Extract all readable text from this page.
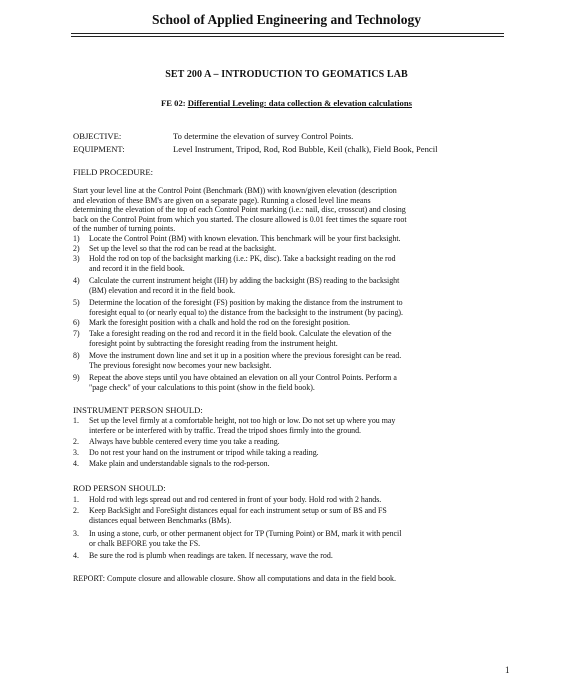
School of Applied Engineering and Technology
SET 200 A – INTRODUCTION TO GEOMATICS LAB
FE 02: Differential Leveling: data collection & elevation calculations
OBJECTIVE:	To determine the elevation of survey Control Points.
EQUIPMENT:	Level Instrument, Tripod, Rod, Rod Bubble, Keil (chalk), Field Book, Pencil
FIELD PROCEDURE:
Start your level line at the Control Point (Benchmark (BM)) with known/given elevation (description
and elevation of these BM's are given on a separate page). Running a closed level line means
determining the elevation of the top of each Control Point marking (i.e.: nail, disc, crosscut) and closing
back on the Control Point from which you started. The closure allowed is 0.01 feet times the square root
of the number of turning points.
1) Locate the Control Point (BM) with known elevation. This benchmark will be your first backsight.
2) Set up the level so that the rod can be read at the backsight.
3) Hold the rod on top of the backsight marking (i.e.: PK, disc). Take a backsight reading on the rod
and record it in the field book.
4) Calculate the current instrument height (IH) by adding the backsight (BS) reading to the backsight
(BM) elevation and record it in the field book.
5) Determine the location of the foresight (FS) position by making the distance from the instrument to
foresight equal to (or nearly equal to) the distance from the backsight to the instrument (by pacing).
6) Mark the foresight position with a chalk and hold the rod on the foresight position.
7) Take a foresight reading on the rod and record it in the field book. Calculate the elevation of the
foresight point by subtracting the foresight reading from the instrument height.
8) Move the instrument down line and set it up in a position where the previous foresight can be read.
The previous foresight now becomes your new backsight.
9) Repeat the above steps until you have obtained an elevation on all your Control Points. Perform a
"page check" of your calculations to this point (show in the field book).
INSTRUMENT PERSON SHOULD:
1. Set up the level firmly at a comfortable height, not too high or low. Do not set up where you may
interfere or be interfered with by traffic. Tread the tripod shoes firmly into the ground.
2. Always have bubble centered every time you take a reading.
3. Do not rest your hand on the instrument or tripod while taking a reading.
4. Make plain and understandable signals to the rod-person.
ROD PERSON SHOULD:
1. Hold rod with legs spread out and rod centered in front of your body. Hold rod with 2 hands.
2. Keep BackSight and ForeSight distances equal for each instrument setup or sum of BS and FS
distances equal between Benchmarks (BMs).
3. In using a stone, curb, or other permanent object for TP (Turning Point) or BM, mark it with pencil
or chalk BEFORE you take the FS.
4. Be sure the rod is plumb when readings are taken. If necessary, wave the rod.
REPORT: Compute closure and allowable closure. Show all computations and data in the field book.
1
